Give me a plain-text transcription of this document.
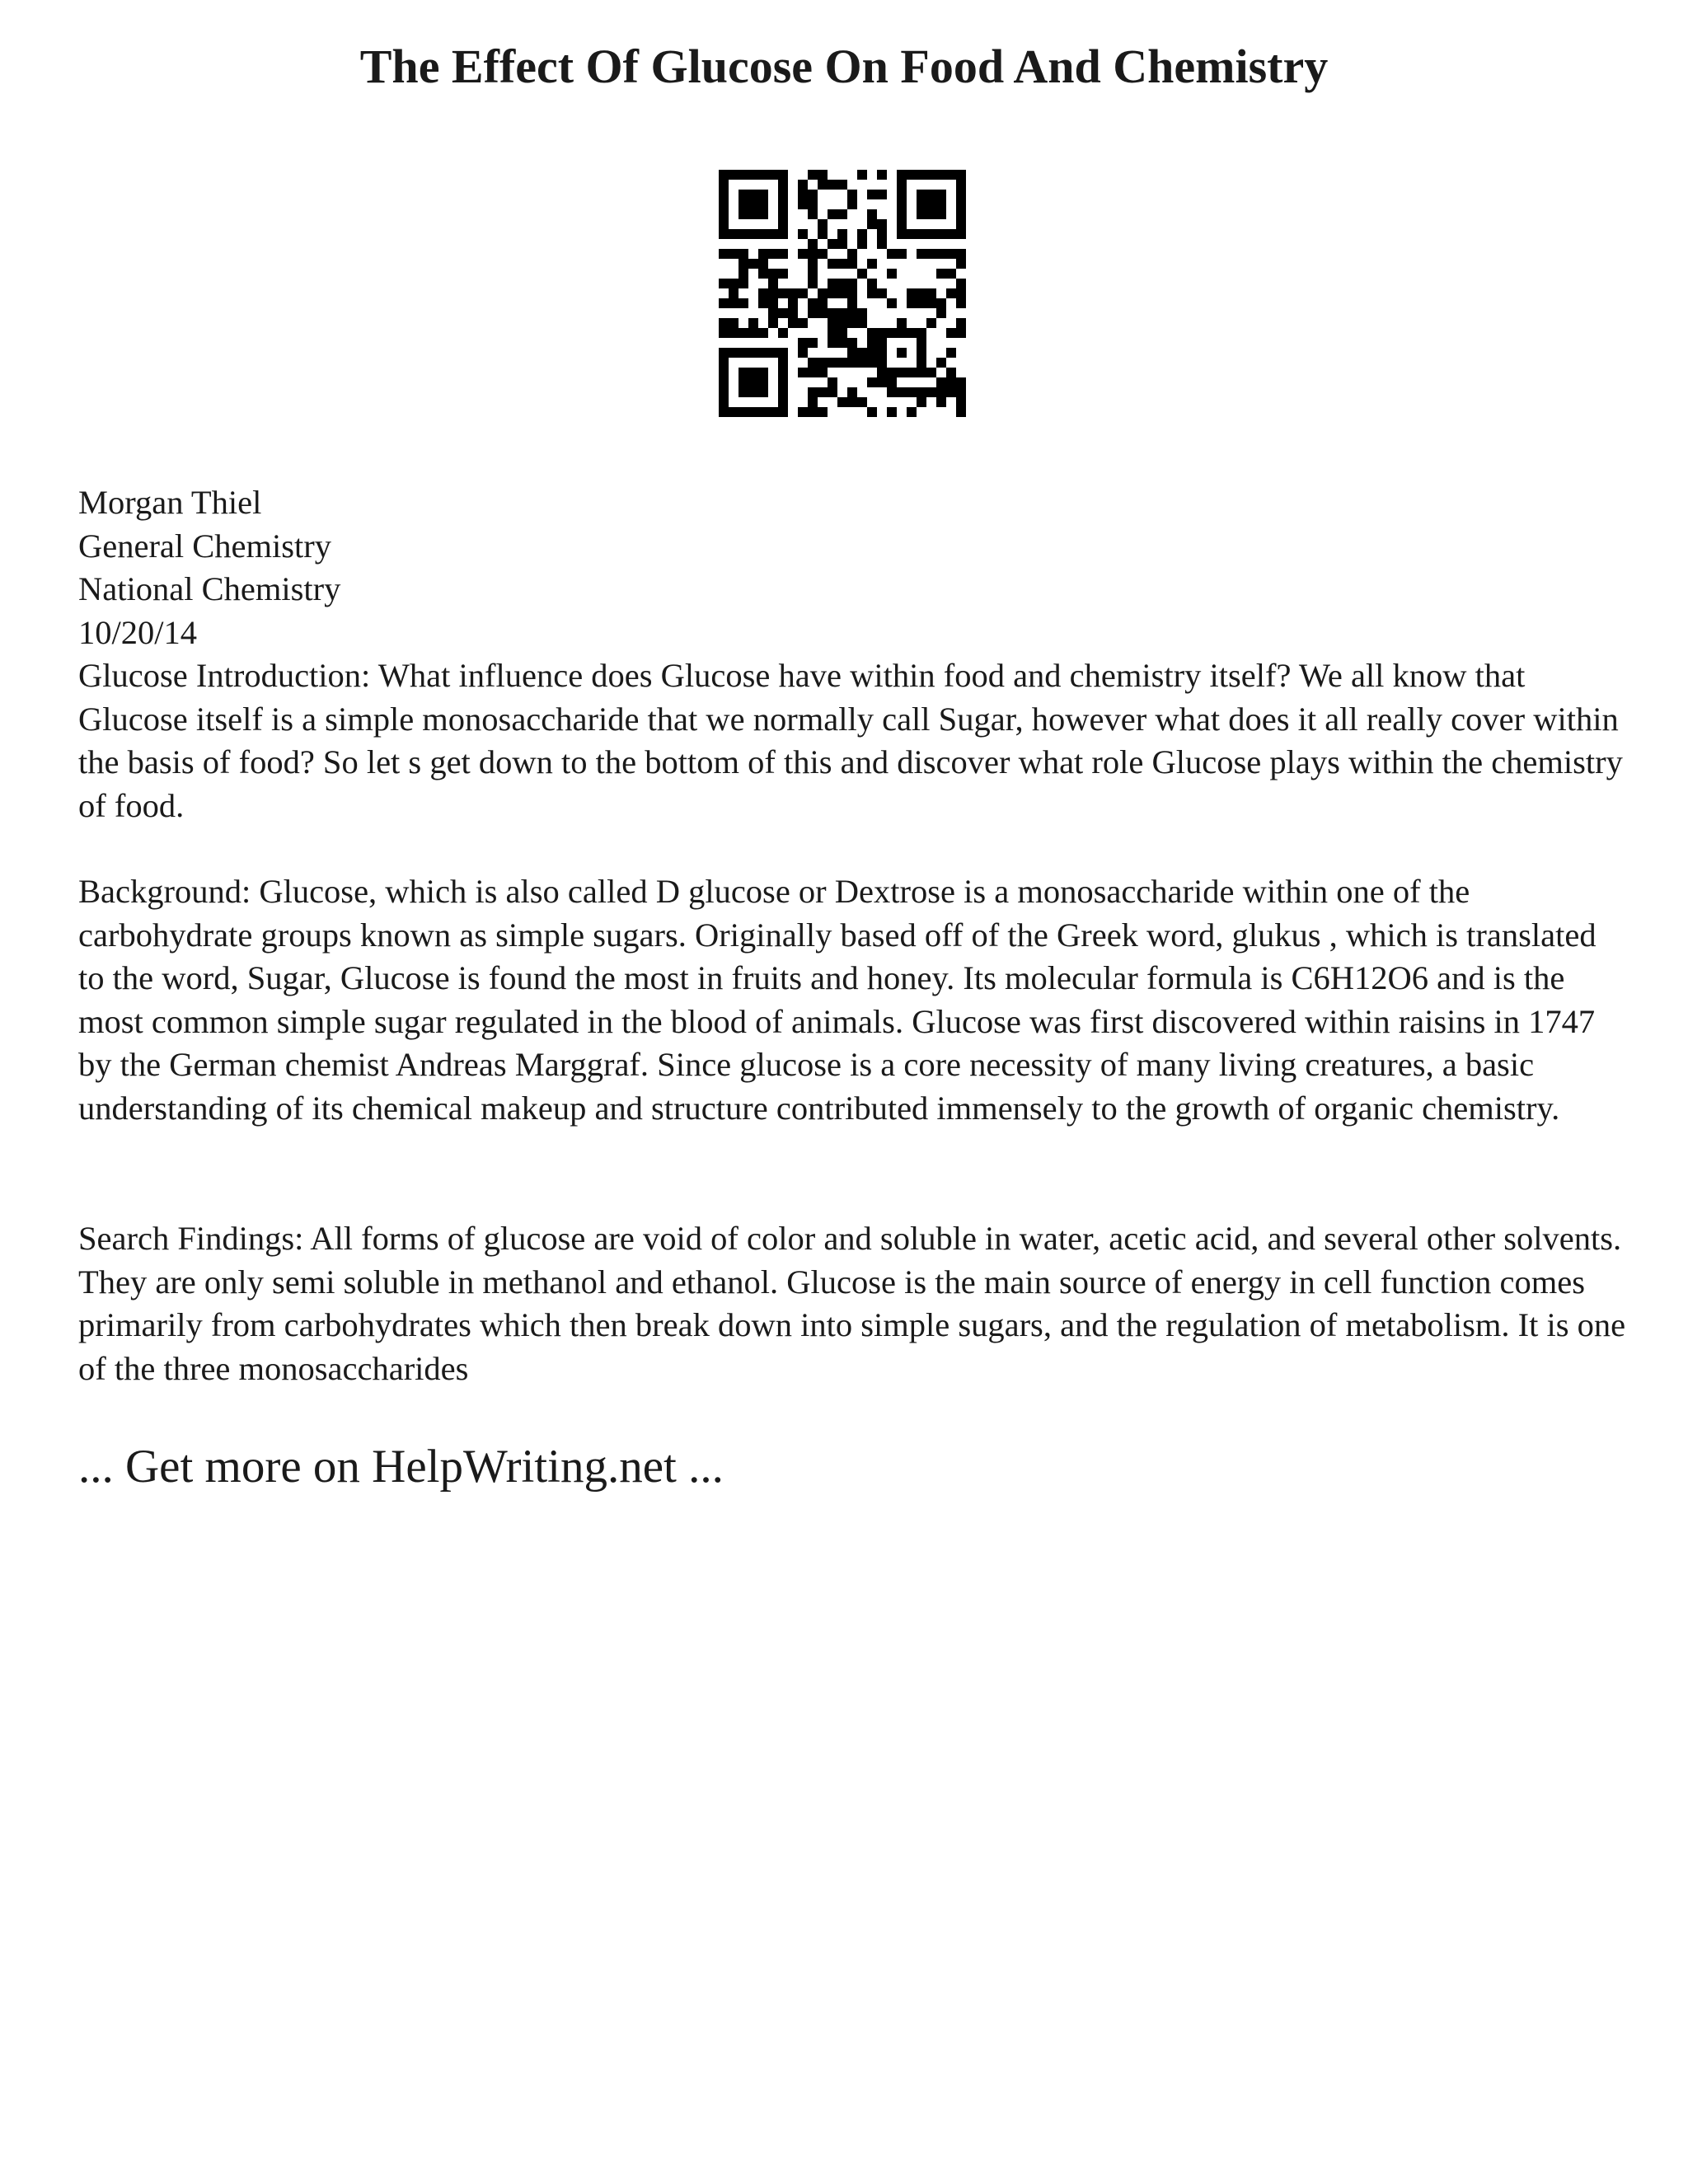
The Effect Of Glucose On Food And Chemistry
Morgan Thiel
General Chemistry
National Chemistry
10/20/14

Glucose Introduction: What influence does Glucose have within food and chemistry itself? We all know that Glucose itself is a simple monosaccharide that we normally call Sugar, however what does it all really cover within the basis of food? So let s get down to the bottom of this and discover what role Glucose plays within the chemistry of food.

Background: Glucose, which is also called D glucose or Dextrose is a monosaccharide within one of the carbohydrate groups known as simple sugars. Originally based off of the Greek word, glukus , which is translated to the word, Sugar, Glucose is found the most in fruits and honey. Its molecular formula is C6H12O6 and is the most common simple sugar regulated in the blood of animals. Glucose was first discovered within raisins in 1747 by the German chemist Andreas Marggraf. Since glucose is a core necessity of many living creatures, a basic understanding of its chemical makeup and structure contributed immensely to the growth of organic chemistry.

Search Findings: All forms of glucose are void of color and soluble in water, acetic acid, and several other solvents. They are only semi soluble in methanol and ethanol. Glucose is the main source of energy in cell function comes primarily from carbohydrates which then break down into simple sugars, and the regulation of metabolism. It is one of the three monosaccharides

... Get more on HelpWriting.net ...
